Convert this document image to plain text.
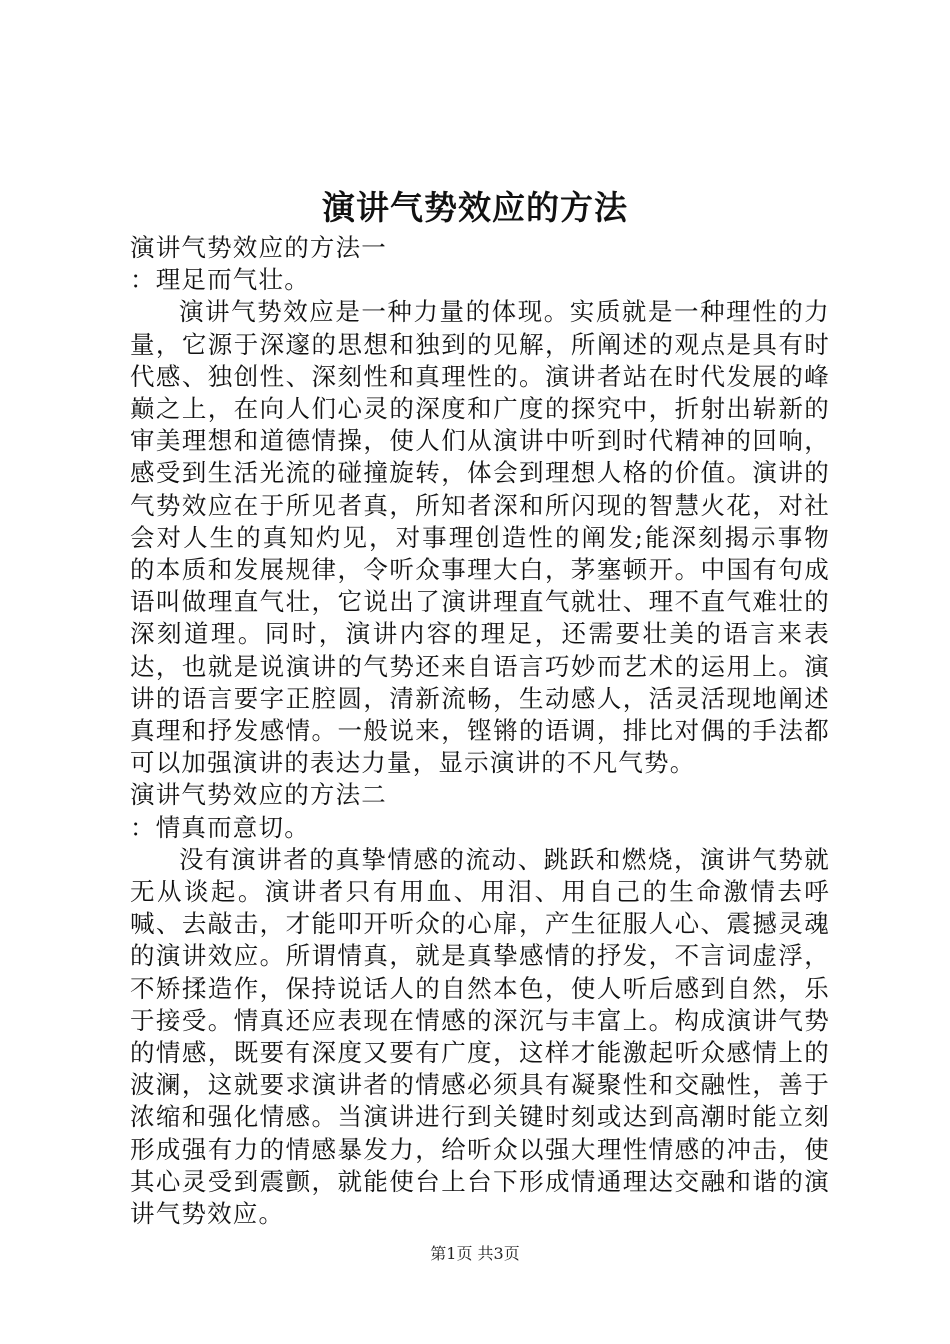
演讲气势效应的方法

演讲气势效应的方法一

：理足而气壮。

演讲气势效应是一种力量的体现。实质就是一种理性的力量，它源于深邃的思想和独到的见解，所阐述的观点是具有时代感、独创性、深刻性和真理性的。演讲者站在时代发展的峰巅之上，在向人们心灵的深度和广度的探究中，折射出崭新的审美理想和道德情操，使人们从演讲中听到时代精神的回响，感受到生活光流的碰撞旋转，体会到理想人格的价值。演讲的气势效应在于所见者真，所知者深和所闪现的智慧火花，对社会对人生的真知灼见，对事理创造性的阐发;能深刻揭示事物的本质和发展规律，令听众事理大白，茅塞顿开。中国有句成语叫做理直气壮，它说出了演讲理直气就壮、理不直气难壮的深刻道理。同时，演讲内容的理足，还需要壮美的语言来表达，也就是说演讲的气势还来自语言巧妙而艺术的运用上。演讲的语言要字正腔圆，清新流畅，生动感人，活灵活现地阐述真理和抒发感情。一般说来，铿锵的语调，排比对偶的手法都可以加强演讲的表达力量，显示演讲的不凡气势。

演讲气势效应的方法二

：情真而意切。

没有演讲者的真挚情感的流动、跳跃和燃烧，演讲气势就无从谈起。演讲者只有用血、用泪、用自己的生命激情去呼喊、去敲击，才能叩开听众的心扉，产生征服人心、震撼灵魂的演讲效应。所谓情真，就是真挚感情的抒发，不言词虚浮，不矫揉造作，保持说话人的自然本色，使人听后感到自然，乐于接受。情真还应表现在情感的深沉与丰富上。构成演讲气势的情感，既要有深度又要有广度，这样才能激起听众感情上的波澜，这就要求演讲者的情感必须具有凝聚性和交融性，善于浓缩和强化情感。当演讲进行到关键时刻或达到高潮时能立刻形成强有力的情感暴发力，给听众以强大理性情感的冲击，使其心灵受到震颤，就能使台上台下形成情通理达交融和谐的演讲气势效应。

第1页 共3页
